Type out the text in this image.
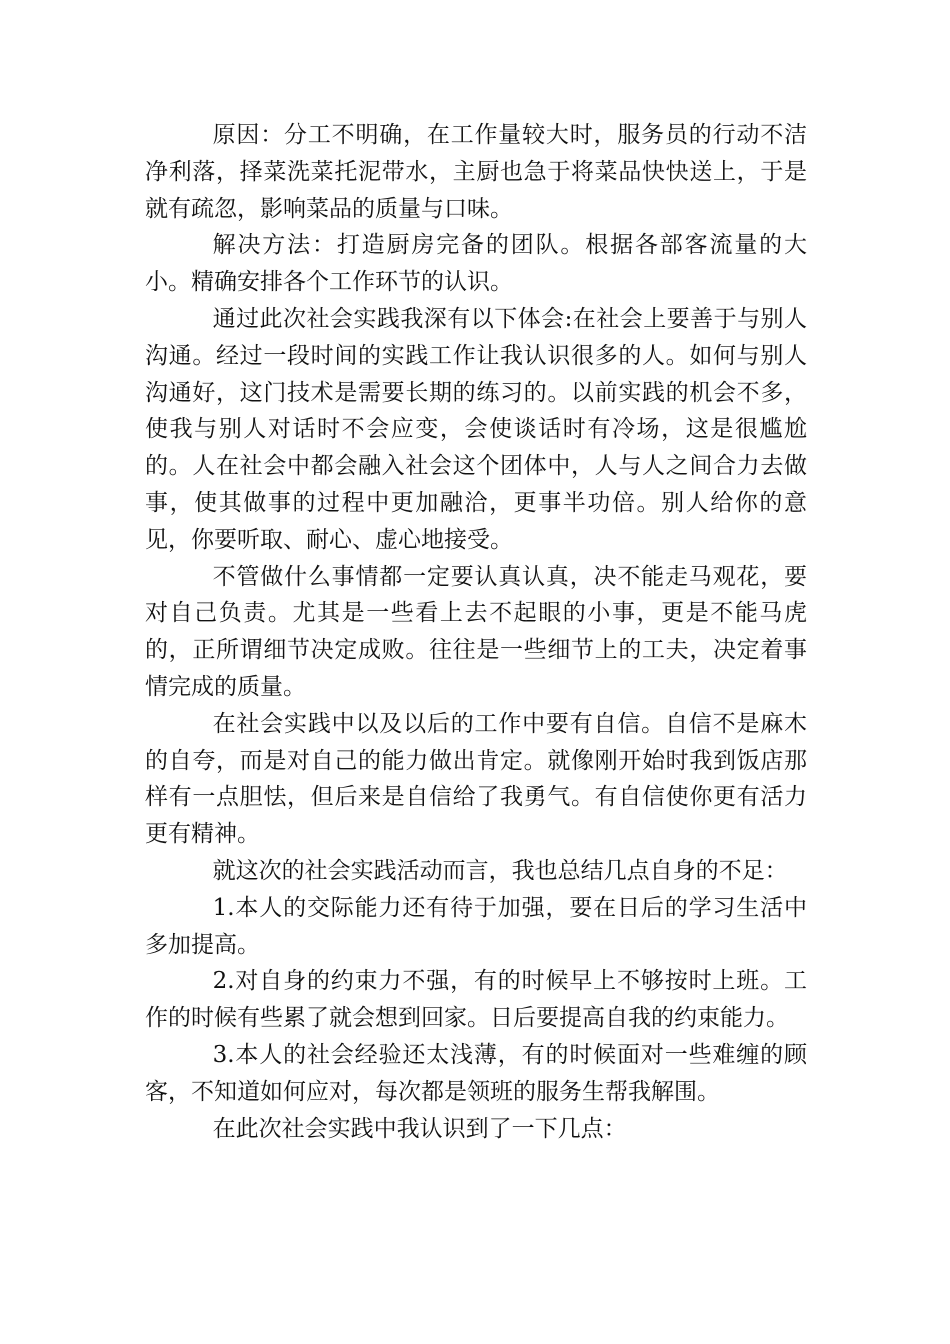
原因：分工不明确，在工作量较大时，服务员的行动不洁净利落，择菜洗菜托泥带水，主厨也急于将菜品快快送上，于是就有疏忽，影响菜品的质量与口味。

解决方法：打造厨房完备的团队。根据各部客流量的大小。精确安排各个工作环节的认识。

通过此次社会实践我深有以下体会:在社会上要善于与别人沟通。经过一段时间的实践工作让我认识很多的人。如何与别人沟通好，这门技术是需要长期的练习的。以前实践的机会不多，使我与别人对话时不会应变，会使谈话时有冷场，这是很尴尬的。人在社会中都会融入社会这个团体中，人与人之间合力去做事，使其做事的过程中更加融洽，更事半功倍。别人给你的意见，你要听取、耐心、虚心地接受。

不管做什么事情都一定要认真认真，决不能走马观花，要对自己负责。尤其是一些看上去不起眼的小事，更是不能马虎的，正所谓细节决定成败。往往是一些细节上的工夫，决定着事情完成的质量。

在社会实践中以及以后的工作中要有自信。自信不是麻木的自夸，而是对自己的能力做出肯定。就像刚开始时我到饭店那样有一点胆怯，但后来是自信给了我勇气。有自信使你更有活力更有精神。

就这次的社会实践活动而言，我也总结几点自身的不足：

1.本人的交际能力还有待于加强，要在日后的学习生活中多加提高。

2.对自身的约束力不强，有的时候早上不够按时上班。工作的时候有些累了就会想到回家。日后要提高自我的约束能力。

3.本人的社会经验还太浅薄，有的时候面对一些难缠的顾客，不知道如何应对，每次都是领班的服务生帮我解围。

在此次社会实践中我认识到了一下几点：
